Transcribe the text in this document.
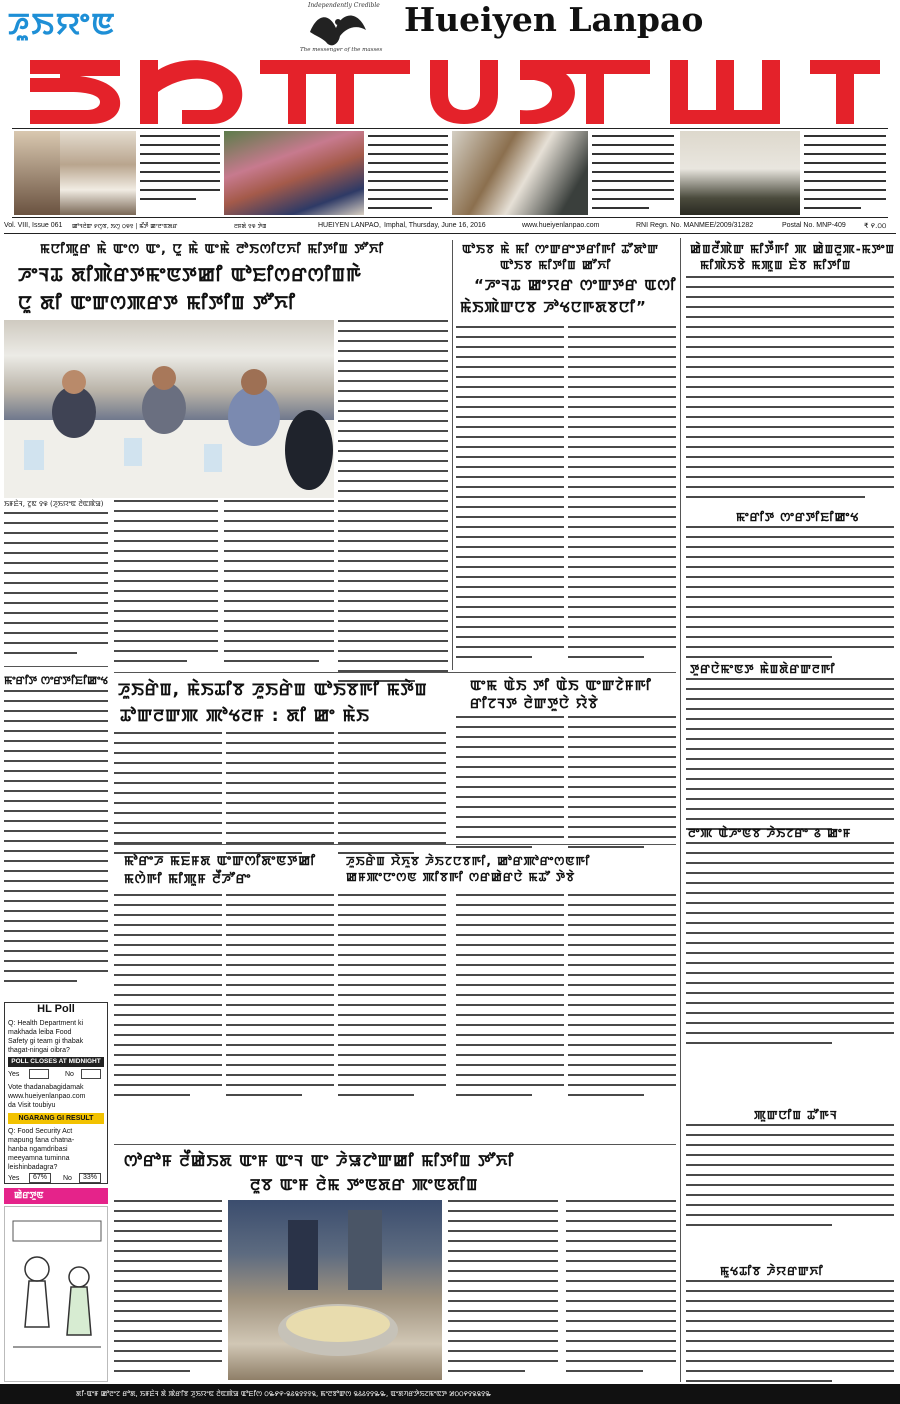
ꯍꯨꯏꯌꯦꯟ
Independently Credible
The messenger of the masses
Hueiyen Lanpao
ꯂꯥꯟꯄꯥꯎ
Vol. VIII, Issue 061 ꯀꯣꯜꯂꯥꯛ ꯸ꯁꯨꯕ, ꯏꯁꯨ ꯰꯶꯱ | ꯃꯩꯇꯩ ꯀꯦꯂꯦꯟꯗꯔ	ꯂꯝꯗꯥ ꯱꯶ ꯇꯥꯡ	HUEIYEN LANPAO, Imphal, Thursday, June 16, 2016	www.hueiyenlanpao.com	RNI Regn. No. MANMEE/2009/31282	Postal No. MNP-409	₹ ꯵.꯰꯰
ꯃꯅꯤꯄꯨꯔ ꯃꯥ ꯑꯦꯁ ꯑꯦ, ꯅꯨ ꯃꯥ ꯑꯦꯃꯥ ꯂꯣꯏꯁꯤꯅꯈꯤ ꯃꯤꯇꯤꯡ ꯇꯧꯈꯤ
ꯍꯦꯜꯊ ꯗꯤꯄꯥꯔꯇꯃꯦꯟꯇꯀꯤ ꯑꯣꯐꯤꯁꯔꯁꯤꯡꯒꯥ
ꯅꯨ ꯗꯤ ꯑꯦꯛꯁꯄꯔꯇ ꯃꯤꯇꯤꯡ ꯇꯧꯈꯤ
ꯏꯝꯐꯥꯜ, ꯖꯨꯟ ꯱꯶ (ꯍꯨꯏꯌꯦꯟ ꯂꯥꯟꯄꯥꯎ)
ꯃꯦꯔꯤꯇ ꯁꯦꯔꯇꯤꯐꯤꯀꯦꯠ
ꯑꯣꯏꯕ ꯃꯥ ꯃꯤ ꯁꯦꯛꯔꯦꯇꯔꯤꯒꯤ ꯊꯧꯗꯣꯛ
ꯑꯣꯏꯕ ꯃꯤꯇꯤꯡ ꯀꯧꯈꯤ
“ꯍꯦꯜꯊ ꯀꯦꯌꯔ ꯁꯦꯛꯇꯔ ꯑꯁꯤ
ꯃꯥꯏꯄꯥꯛꯅꯕ ꯍꯣꯠꯅꯒꯗꯕꯅꯤ”
ꯍꯨꯏꯔꯥꯡ, ꯃꯥꯏꯊꯤꯕ ꯍꯨꯏꯔꯥꯡ ꯑꯣꯏꯕꯒꯤ ꯃꯇꯥꯡ
ꯊꯣꯛꯂꯛꯄ ꯄꯣꯠꯂꯝ : ꯗꯤ ꯀꯦ ꯃꯥꯏ
ꯑꯦꯃ ꯑꯥꯏ ꯇꯤ ꯑꯥꯏ ꯑꯦꯛꯖꯥꯝꯒꯤ
ꯔꯤꯖꯜꯇ ꯂꯥꯛꯇꯨꯅꯥ ꯌꯥꯕꯥ
ꯃꯣꯔꯦꯍ ꯃꯐꯝꯗ ꯑꯦꯛꯁꯤꯗꯦꯟꯇꯀꯤ
ꯃꯁꯥꯒꯤ ꯃꯤꯄꯨꯝ ꯂꯩꯍꯧꯔꯦ
ꯍꯨꯏꯔꯥꯡ ꯆꯥꯈꯨꯕ ꯍꯥꯏꯖꯅꯕꯒꯤ, ꯀꯣꯔꯄꯣꯔꯦꯁꯟꯒꯤ
ꯀꯝꯄꯦꯅꯦꯁꯟ ꯄꯤꯕꯒꯤ ꯁꯔꯀꯥꯔꯅꯥ ꯃꯊꯧ ꯇꯥꯕꯥ
ꯁꯣꯔꯣꯝ ꯂꯩꯀꯥꯏꯗ ꯑꯦꯝ ꯑꯦꯜ ꯑꯦ ꯍꯥꯎꯖꯣꯛꯀꯤ ꯃꯤꯇꯤꯡ ꯇꯧꯈꯤ
ꯂꯨꯕ ꯑꯦꯝ ꯂꯥꯃ ꯇꯦꯟꯗꯔ ꯄꯦꯟꯗꯤꯡ
ꯀꯥꯡꯂꯩꯄꯥꯛ ꯃꯤꯇꯩꯒꯤ ꯄ ꯀꯥꯡꯂꯨꯄ-ꯃꯇꯦꯡ
ꯃꯤꯄꯥꯏꯕꯥ ꯃꯄꯨꯡ ꯐꯥꯕ ꯃꯤꯇꯤꯡ
ꯃꯦꯔꯤꯇ ꯁꯦꯔꯇꯤꯐꯤꯀꯦꯠ
ꯇꯨꯔꯅꯥꯃꯦꯟꯇ ꯃꯥꯡꯗꯥꯔꯛꯂꯒꯤ
ꯂꯦꯄ ꯑꯥꯍꯦꯟꯕ ꯍꯥꯏꯖꯔꯦ ꯴ ꯀꯦꯝ
ꯄꯨꯛꯅꯤꯡ ꯊꯧꯒꯜ
ꯃꯨꯠꯊꯤꯕ ꯍꯥꯌꯔꯛꯈꯤ
HL Poll
Q: Health Department ki
makhada leiba Food
Safety gi team gi thabak
thagat-ningai oibra?
POLL CLOSES AT MIDNIGHT
Yes	No
Vote thadanabagidamak
www.hueiyenlanpao.com
da Visit toubiyu
NGARANG GI RESULT
Q: Food Security Act
mapung fana chatna-
hanba ngamdribasi
meeyamna tuminna
leishinbadagra?
Yes	67%	No	33%
ꯀꯥꯔꯇꯨꯟ
ꯗꯤ-ꯑꯦꯝ ꯀꯣꯂꯦꯖ ꯔꯣꯗ, ꯏꯝꯐꯥꯜ ꯗꯥ ꯄꯥꯔꯤꯕ ꯍꯨꯏꯌꯦꯟ ꯂꯥꯟꯄꯥꯎ ꯑꯣꯐꯤꯁ ꯰꯳꯸꯵-꯲꯴꯲꯱꯱꯱꯲, ꯃꯦꯂꯕꯣꯛꯁ ꯲꯴꯴꯱꯱꯳꯳, ꯑꯦꯗꯚꯔꯇꯥꯏꯖꯃꯦꯟꯇ ꯷꯰꯰꯵꯱꯲꯲꯱꯳
